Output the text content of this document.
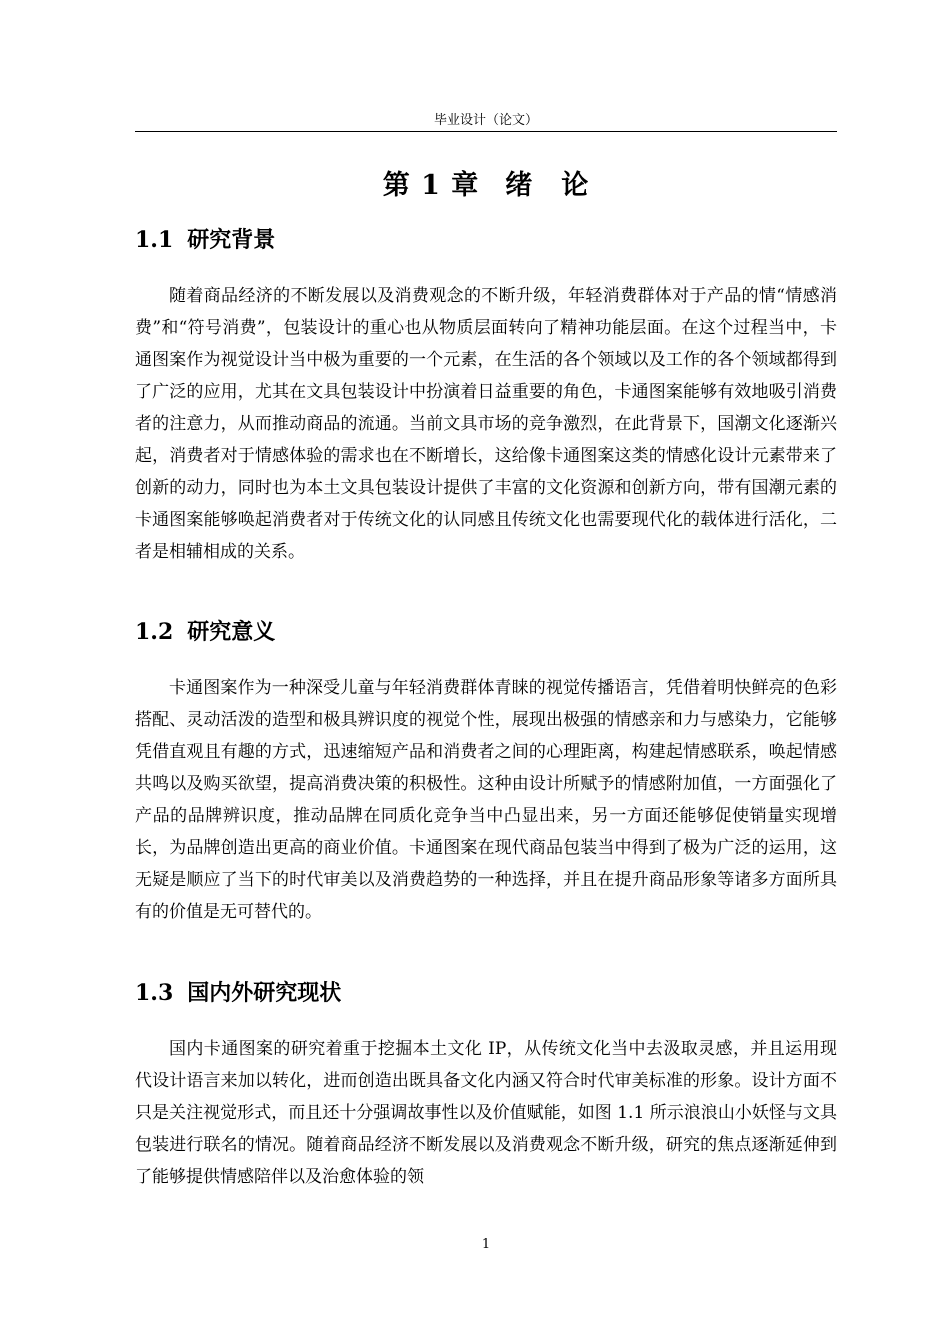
毕业设计（论文）
第 1 章 绪　论
1.1 研究背景

随着商品经济的不断发展以及消费观念的不断升级，年轻消费群体对于产品的情“情感消费”和“符号消费”，包装设计的重心也从物质层面转向了精神功能层面。在这个过程当中，卡通图案作为视觉设计当中极为重要的一个元素，在生活的各个领域以及工作的各个领域都得到了广泛的应用，尤其在文具包装设计中扮演着日益重要的角色，卡通图案能够有效地吸引消费者的注意力，从而推动商品的流通。当前文具市场的竞争激烈，在此背景下，国潮文化逐渐兴起，消费者对于情感体验的需求也在不断增长，这给像卡通图案这类的情感化设计元素带来了创新的动力，同时也为本土文具包装设计提供了丰富的文化资源和创新方向，带有国潮元素的卡通图案能够唤起消费者对于传统文化的认同感且传统文化也需要现代化的载体进行活化，二者是相辅相成的关系。

1.2 研究意义

卡通图案作为一种深受儿童与年轻消费群体青睐的视觉传播语言，凭借着明快鲜亮的色彩搭配、灵动活泼的造型和极具辨识度的视觉个性，展现出极强的情感亲和力与感染力，它能够凭借直观且有趣的方式，迅速缩短产品和消费者之间的心理距离，构建起情感联系，唤起情感共鸣以及购买欲望，提高消费决策的积极性。这种由设计所赋予的情感附加值，一方面强化了产品的品牌辨识度，推动品牌在同质化竞争当中凸显出来，另一方面还能够促使销量实现增长，为品牌创造出更高的商业价值。卡通图案在现代商品包装当中得到了极为广泛的运用，这无疑是顺应了当下的时代审美以及消费趋势的一种选择，并且在提升商品形象等诸多方面所具有的价值是无可替代的。

1.3 国内外研究现状

国内卡通图案的研究着重于挖掘本土文化 IP，从传统文化当中去汲取灵感，并且运用现代设计语言来加以转化，进而创造出既具备文化内涵又符合时代审美标准的形象。设计方面不只是关注视觉形式，而且还十分强调故事性以及价值赋能，如图 1.1 所示浪浪山小妖怪与文具包装进行联名的情况。随着商品经济不断发展以及消费观念不断升级，研究的焦点逐渐延伸到了能够提供情感陪伴以及治愈体验的领

1
